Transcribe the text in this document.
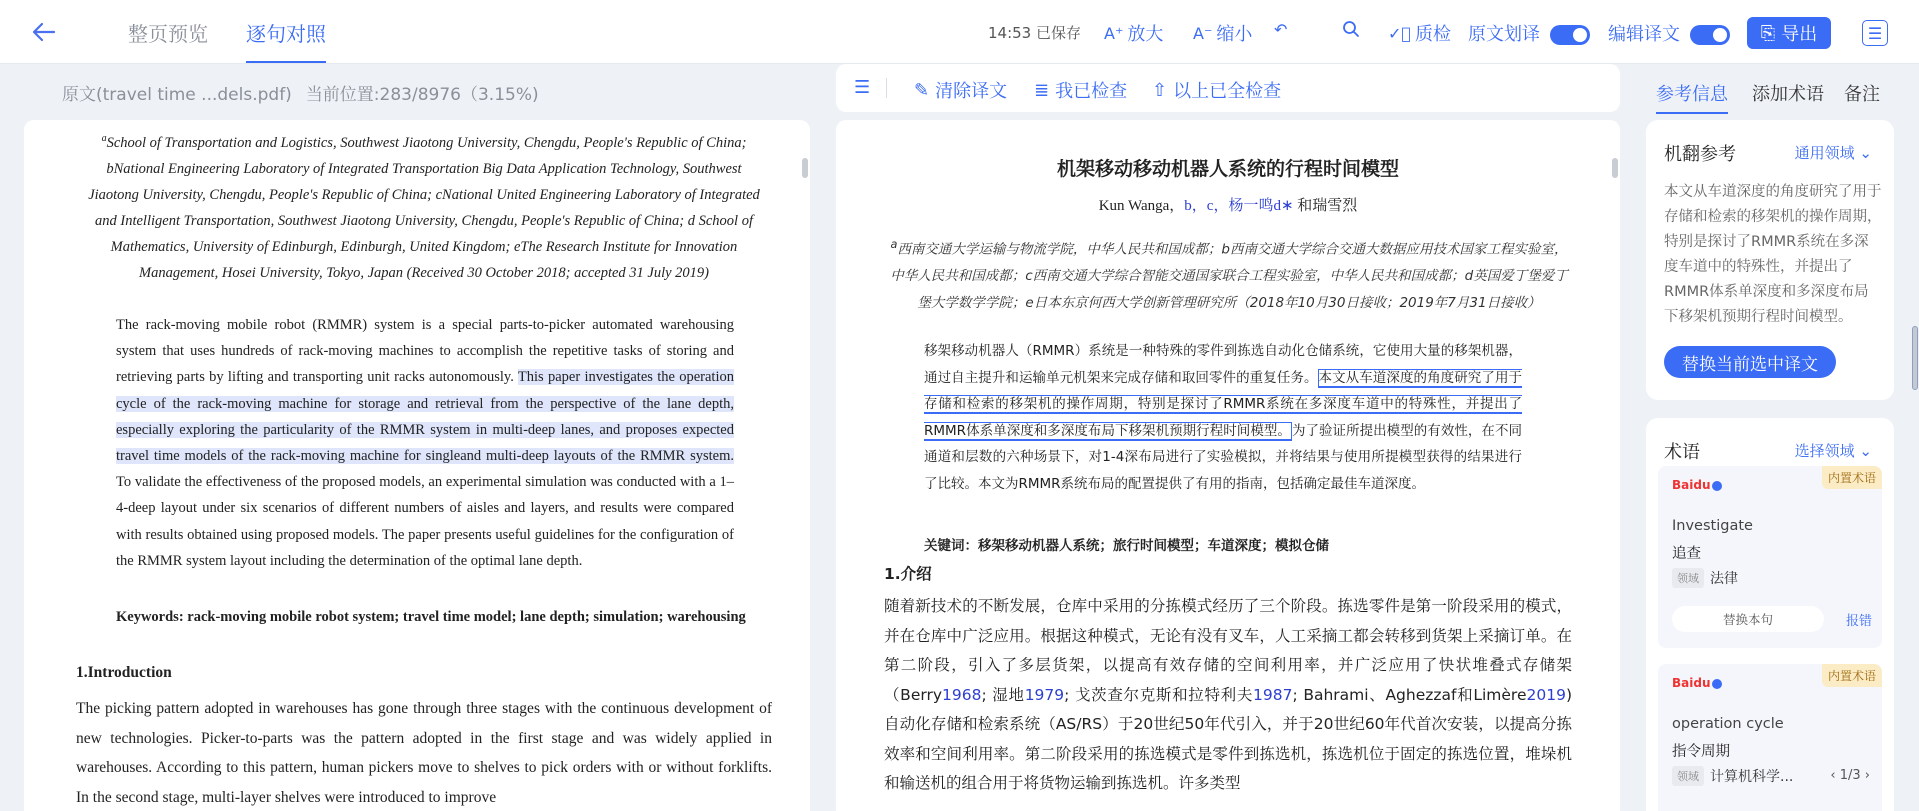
整页预览 逐句对照	14:53 已保存 A⁺ 放大 A⁻ 缩小 ↶	✓⃝ 质检 原文划译	编辑译文	⎘ 导出	☰
原文(travel time ...dels.pdf) 当前位置:283/8976（3.15%)
$^a$School of Transportation and Logistics, Southwest Jiaotong University, Chengdu, People's Republic of China; bNational Engineering Laboratory of Integrated Transportation Big Data Application Technology, Southwest Jiaotong University, Chengdu, People's Republic of China; cNational United Engineering Laboratory of Integrated and Intelligent Transportation, Southwest Jiaotong University, Chengdu, People's Republic of China; d School of Mathematics, University of Edinburgh, Edinburgh, United Kingdom; eThe Research Institute for Innovation Management, Hosei University, Tokyo, Japan (Received 30 October 2018; accepted 31 July 2019)
The rack-moving mobile robot (RMMR) system is a special parts-to-picker automated warehousing system that uses hundreds of rack-moving machines to accomplish the repetitive tasks of storing and retrieving parts by lifting and transporting unit racks autonomously. This paper investigates the operation cycle of the rack-moving machine for storage and retrieval from the perspective of the lane depth, especially exploring the particularity of the RMMR system in multi-deep lanes, and proposes expected travel time models of the rack-moving machine for singleand multi-deep layouts of the RMMR system. To validate the effectiveness of the proposed models, an experimental simulation was conducted with a 1–4-deep layout under six scenarios of different numbers of aisles and layers, and results were compared with results obtained using proposed models. The paper presents useful guidelines for the configuration of the RMMR system layout including the determination of the optimal lane depth.
Keywords: rack-moving mobile robot system; travel time model; lane depth; simulation; warehousing
1.Introduction
The picking pattern adopted in warehouses has gone through three stages with the continuous development of new technologies. Picker-to-parts was the pattern adopted in the first stage and was widely applied in warehouses. According to this pattern, human pickers move to shelves to pick orders with or without forklifts. In the second stage, multi-layer shelves were introduced to improve
☰ ✎ 清除译文 ≣ 我已检查 ⇧ 以上已全检查
机架移动移动机器人系统的行程时间模型
Kun Wanga，b，c，杨一鸣d∗ 和瑞雪烈
$^a$西南交通大学运输与物流学院，中华人民共和国成都；b西南交通大学综合交通大数据应用技术国家工程实验室，中华人民共和国成都；c西南交通大学综合智能交通国家联合工程实验室，中华人民共和国成都；d英国爱丁堡爱丁堡大学数学学院；e日本东京何西大学创新管理研究所（2018年10月30日接收；2019年7月31日接收）
移架移动机器人（RMMR）系统是一种特殊的零件到拣选自动化仓储系统，它使用大量的移架机器，通过自主提升和运输单元机架来完成存储和取回零件的重复任务。本文从车道深度的角度研究了用于存储和检索的移架机的操作周期，特别是探讨了RMMR系统在多深度车道中的特殊性，并提出了RMMR体系单深度和多深度布局下移架机预期行程时间模型。为了验证所提出模型的有效性，在不同通道和层数的六种场景下，对1-4深布局进行了实验模拟，并将结果与使用所提模型获得的结果进行了比较。本文为RMMR系统布局的配置提供了有用的指南，包括确定最佳车道深度。
关键词：移架移动机器人系统；旅行时间模型；车道深度；模拟仓储
1.介绍
随着新技术的不断发展，仓库中采用的分拣模式经历了三个阶段。拣选零件是第一阶段采用的模式，并在仓库中广泛应用。根据这种模式，无论有没有叉车，人工采摘工都会转移到货架上采摘订单。在第二阶段，引入了多层货架，以提高有效存储的空间利用率，并广泛应用了快状堆叠式存储架（Berry1968; 湿地1979; 戈茨查尔克斯和拉特利夫1987; Bahrami、Aghezzaf和Limère2019)自动化存储和检索系统（AS/RS）于20世纪50年代引入，并于20世纪60年代首次安装，以提高分拣效率和空间利用率。第二阶段采用的拣选模式是零件到拣选机，拣选机位于固定的拣选位置，堆垛机和输送机的组合用于将货物运输到拣选机。许多类型
参考信息 添加术语 备注
机翻参考	通用领域 ⌄
本文从车道深度的角度研究了用于存储和检索的移架机的操作周期，特别是探讨了RMMR系统在多深度车道中的特殊性，并提出了RMMR体系单深度和多深度布局下移架机预期行程时间模型。
替换当前选中译文
术语	选择领域 ⌄
Baidu	内置术语
Investigate
追查
领域 法律
替换本句	报错
Baidu	内置术语
operation cycle
指令周期
领域 计算机科学...	‹ 1/3 ›
